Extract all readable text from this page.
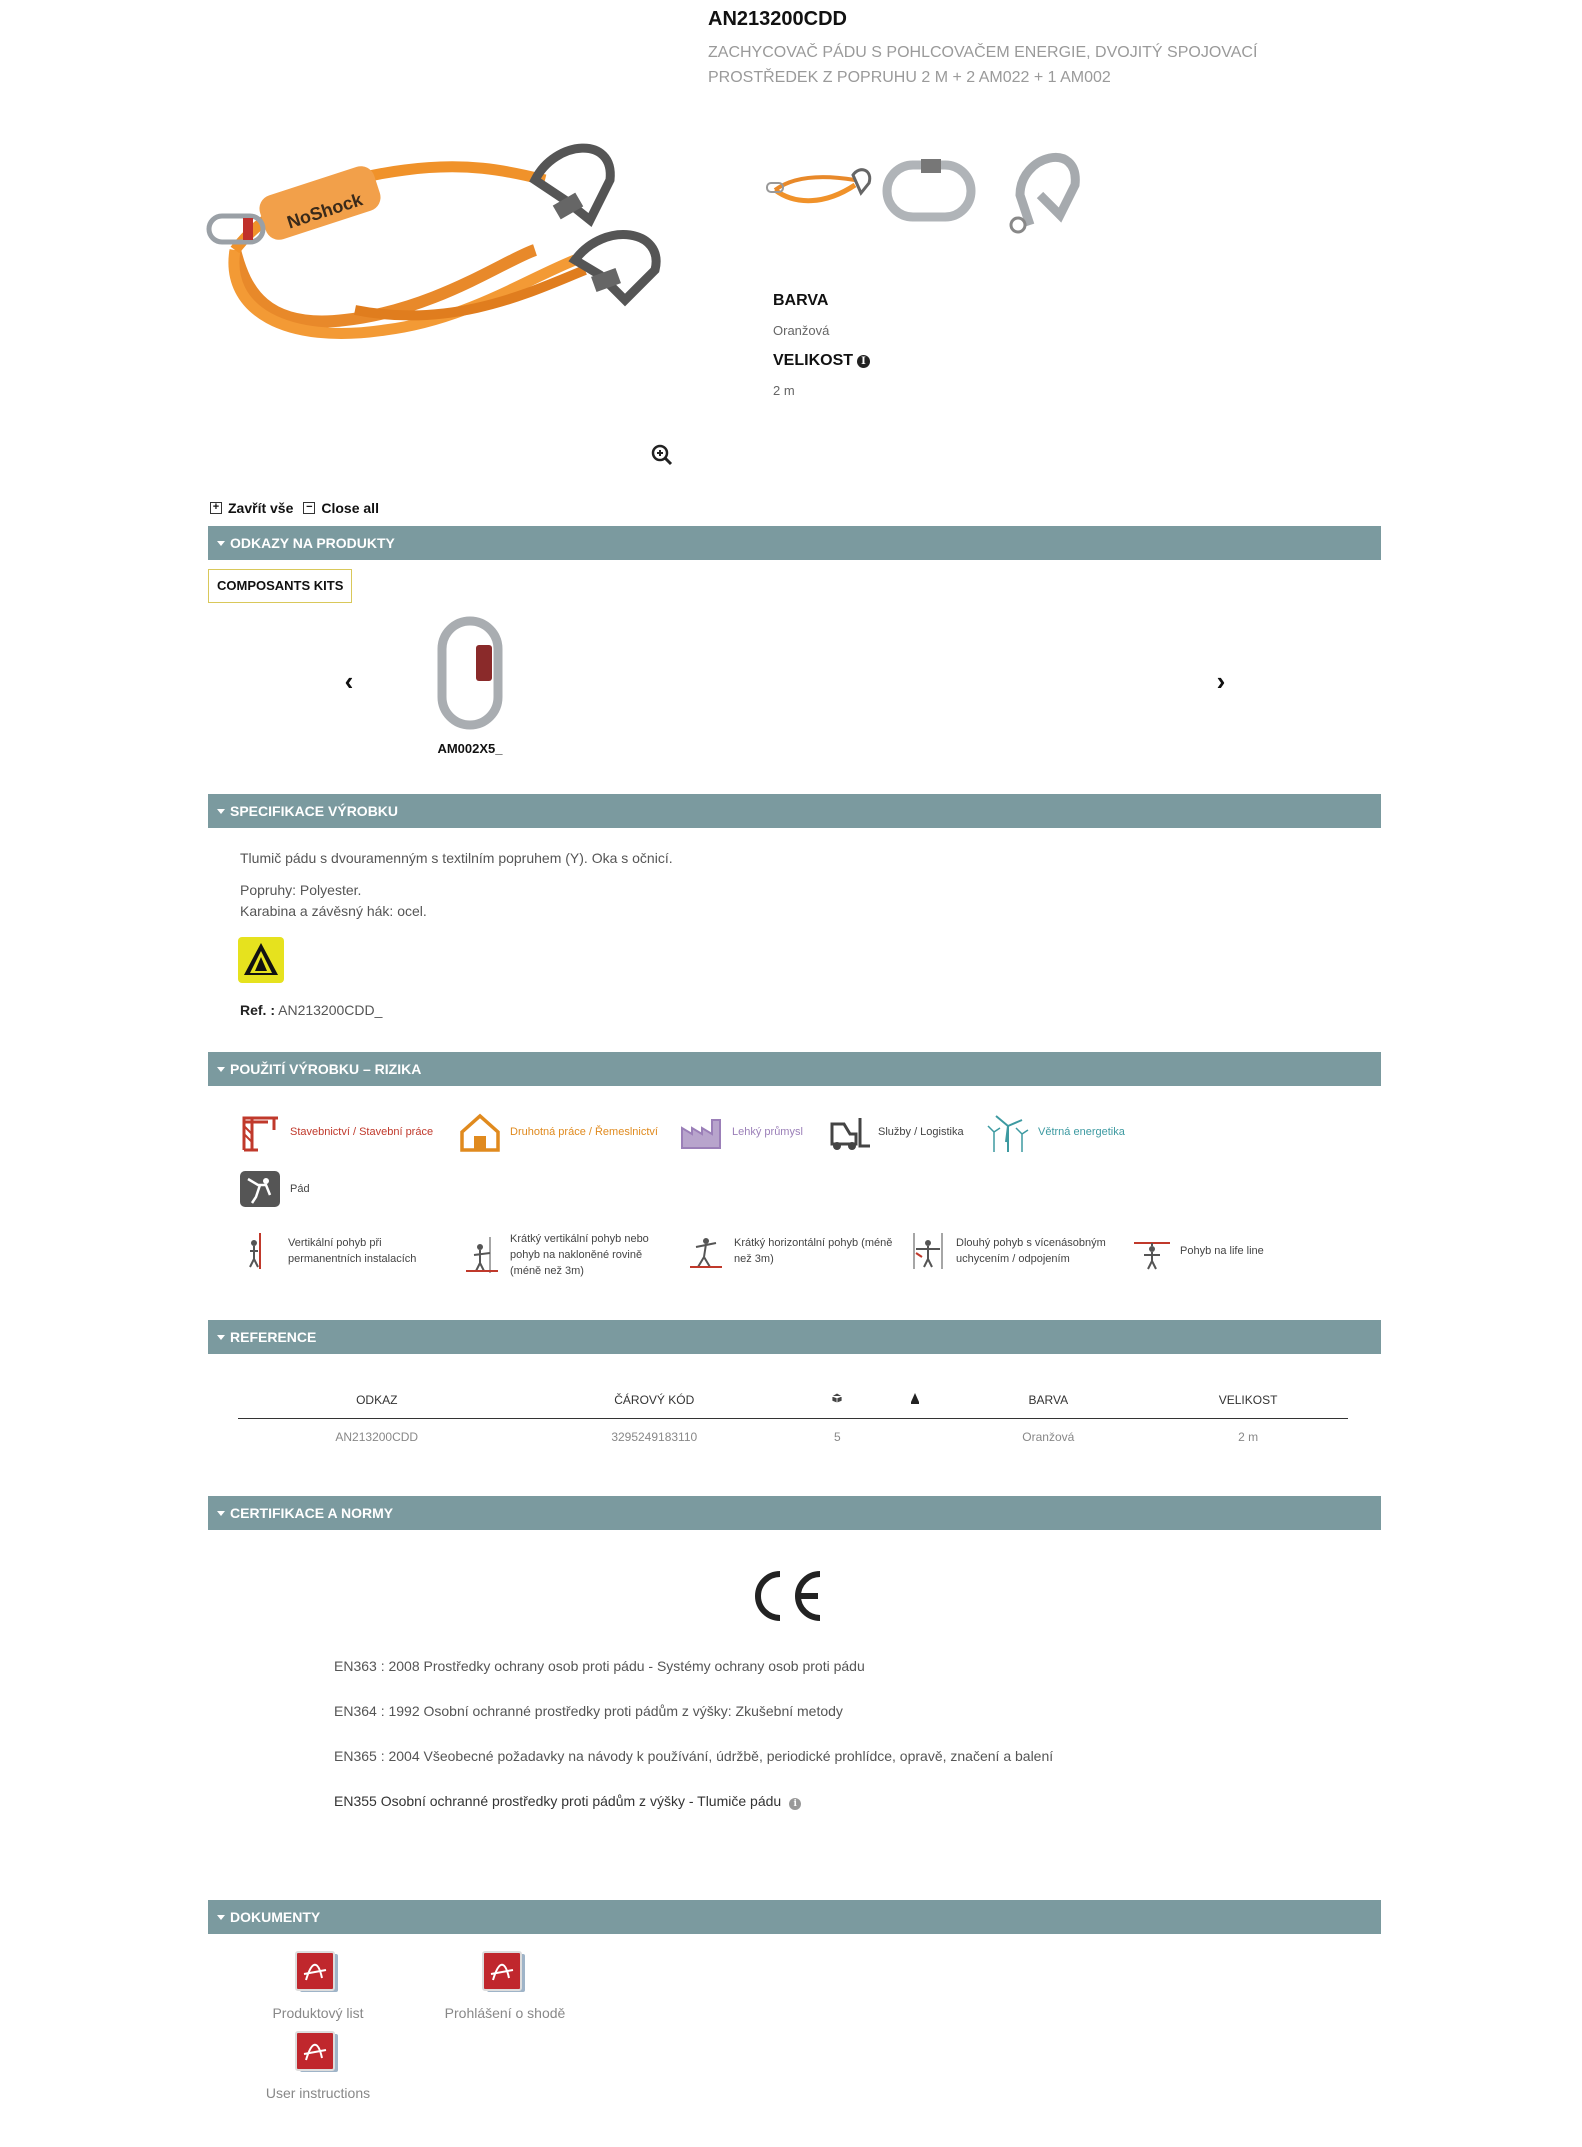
AN213200CDD
ZACHYCOVAČ PÁDU S POHLCOVAČEM ENERGIE, DVOJITÝ SPOJOVACÍ PROSTŘEDEK Z POPRUHU 2 M + 2 AM022 + 1 AM002
NoShock
BARVA
Oranžová
VELIKOST I
2 m
+ Zavřít vše − Close all
ODKAZY NA PRODUKTY
COMPOSANTS KITS
‹
AM002X5_
›
SPECIFIKACE VÝROBKU
Tlumič pádu s dvouramenným s textilním popruhem (Y). Oka s očnicí.
Popruhy: Polyester.
Karabina a závěsný hák: ocel.
Ref. : AN213200CDD_
POUŽITÍ VÝROBKU – RIZIKA
Stavebnictví / Stavební práce	Druhotná práce / Řemeslnictví	Lehký průmysl	Služby / Logistika	Větrná energetika
Pád
Vertikální pohyb při permanentních instalacích
Krátký vertikální pohyb nebo pohyb na nakloněné rovině (méně než 3m)
Krátký horizontální pohyb (méně než 3m)
Dlouhý pohyb s vícenásobným uchycením / odpojením
Pohyb na life line
REFERENCE
ODKAZ	ČÁROVÝ KÓD			BARVA	VELIKOST
AN213200CDD	3295249183110	5		Oranžová	2 m
CERTIFIKACE A NORMY
EN363 : 2008 Prostředky ochrany osob proti pádu - Systémy ochrany osob proti pádu
EN364 : 1992 Osobní ochranné prostředky proti pádům z výšky: Zkušební metody
EN365 : 2004 Všeobecné požadavky na návody k používání, údržbě, periodické prohlídce, opravě, značení a balení
EN355 Osobní ochranné prostředky proti pádům z výšky - Tlumiče pádu i
DOKUMENTY
Produktový list	Prohlášení o shodě
User instructions
